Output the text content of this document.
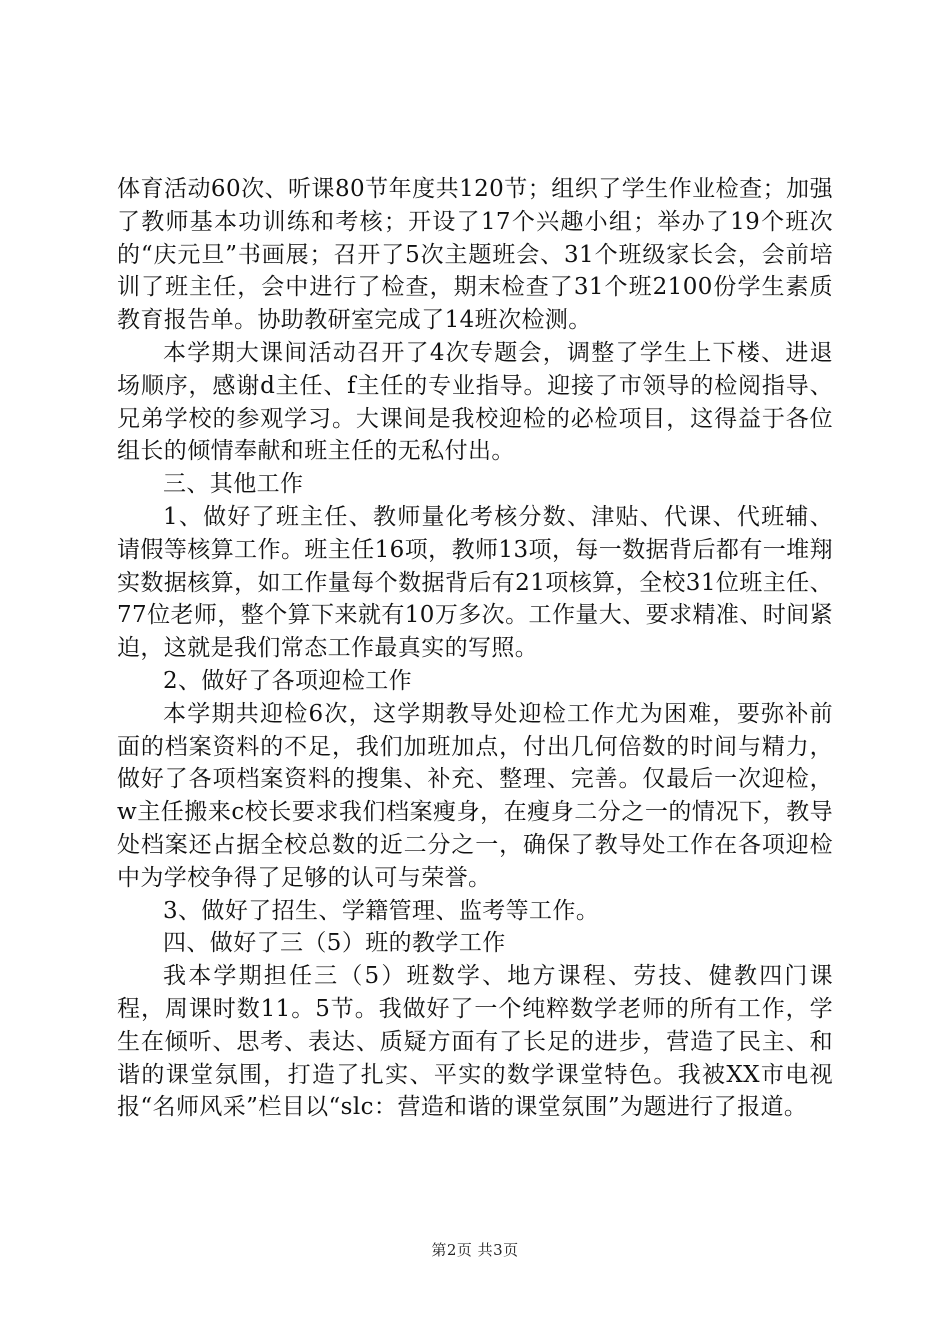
体育活动60次、听课80节年度共120节；组织了学生作业检查；加强了教师基本功训练和考核；开设了17个兴趣小组；举办了19个班次的“庆元旦”书画展；召开了5次主题班会、31个班级家长会，会前培训了班主任，会中进行了检查，期末检查了31个班2100份学生素质教育报告单。协助教研室完成了14班次检测。

本学期大课间活动召开了4次专题会，调整了学生上下楼、进退场顺序，感谢d主任、f主任的专业指导。迎接了市领导的检阅指导、兄弟学校的参观学习。大课间是我校迎检的必检项目，这得益于各位组长的倾情奉献和班主任的无私付出。

三、其他工作

1、做好了班主任、教师量化考核分数、津贴、代课、代班辅、请假等核算工作。班主任16项，教师13项，每一数据背后都有一堆翔实数据核算，如工作量每个数据背后有21项核算，全校31位班主任、77位老师，整个算下来就有10万多次。工作量大、要求精准、时间紧迫，这就是我们常态工作最真实的写照。

2、做好了各项迎检工作

本学期共迎检6次，这学期教导处迎检工作尤为困难，要弥补前面的档案资料的不足，我们加班加点，付出几何倍数的时间与精力，做好了各项档案资料的搜集、补充、整理、完善。仅最后一次迎检，w主任搬来c校长要求我们档案瘦身，在瘦身二分之一的情况下，教导处档案还占据全校总数的近二分之一，确保了教导处工作在各项迎检中为学校争得了足够的认可与荣誉。

3、做好了招生、学籍管理、监考等工作。

四、做好了三（5）班的教学工作

我本学期担任三（5）班数学、地方课程、劳技、健教四门课程，周课时数11。5节。我做好了一个纯粹数学老师的所有工作，学生在倾听、思考、表达、质疑方面有了长足的进步，营造了民主、和谐的课堂氛围，打造了扎实、平实的数学课堂特色。我被XX市电视报“名师风采”栏目以“slc：营造和谐的课堂氛围”为题进行了报道。

第2页 共3页
